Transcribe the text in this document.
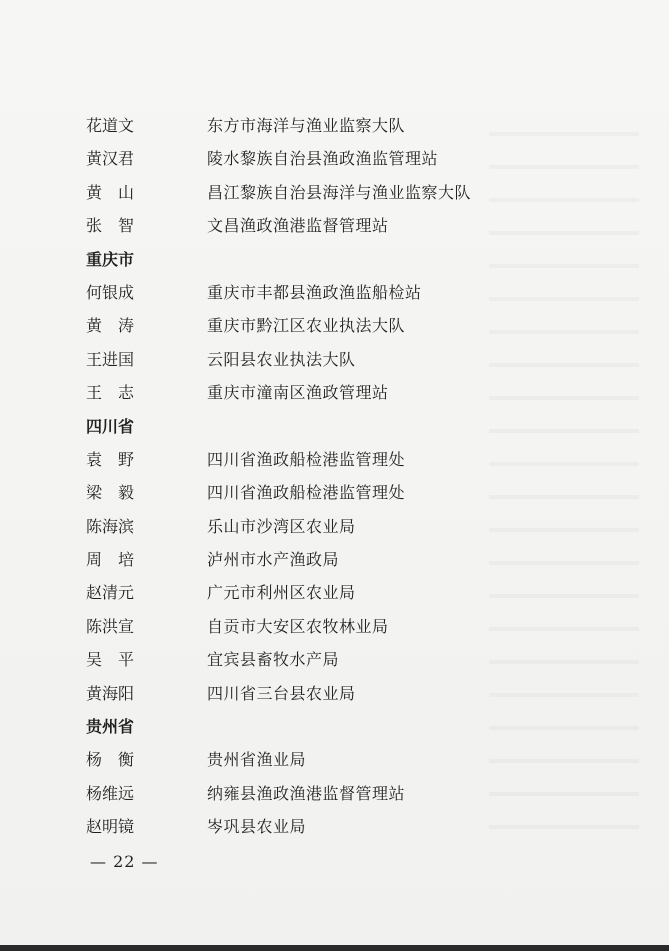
花道文	东方市海洋与渔业监察大队
黄汉君	陵水黎族自治县渔政渔监管理站
黄　山	昌江黎族自治县海洋与渔业监察大队
张　智	文昌渔政渔港监督管理站
重庆市
何银成	重庆市丰都县渔政渔监船检站
黄　涛	重庆市黔江区农业执法大队
王进国	云阳县农业执法大队
王　志	重庆市潼南区渔政管理站
四川省
袁　野	四川省渔政船检港监管理处
梁　毅	四川省渔政船检港监管理处
陈海滨	乐山市沙湾区农业局
周　培	泸州市水产渔政局
赵清元	广元市利州区农业局
陈洪宣	自贡市大安区农牧林业局
吴　平	宜宾县畜牧水产局
黄海阳	四川省三台县农业局
贵州省
杨　衡	贵州省渔业局
杨维远	纳雍县渔政渔港监督管理站
赵明镜	岑巩县农业局
— 22 —
